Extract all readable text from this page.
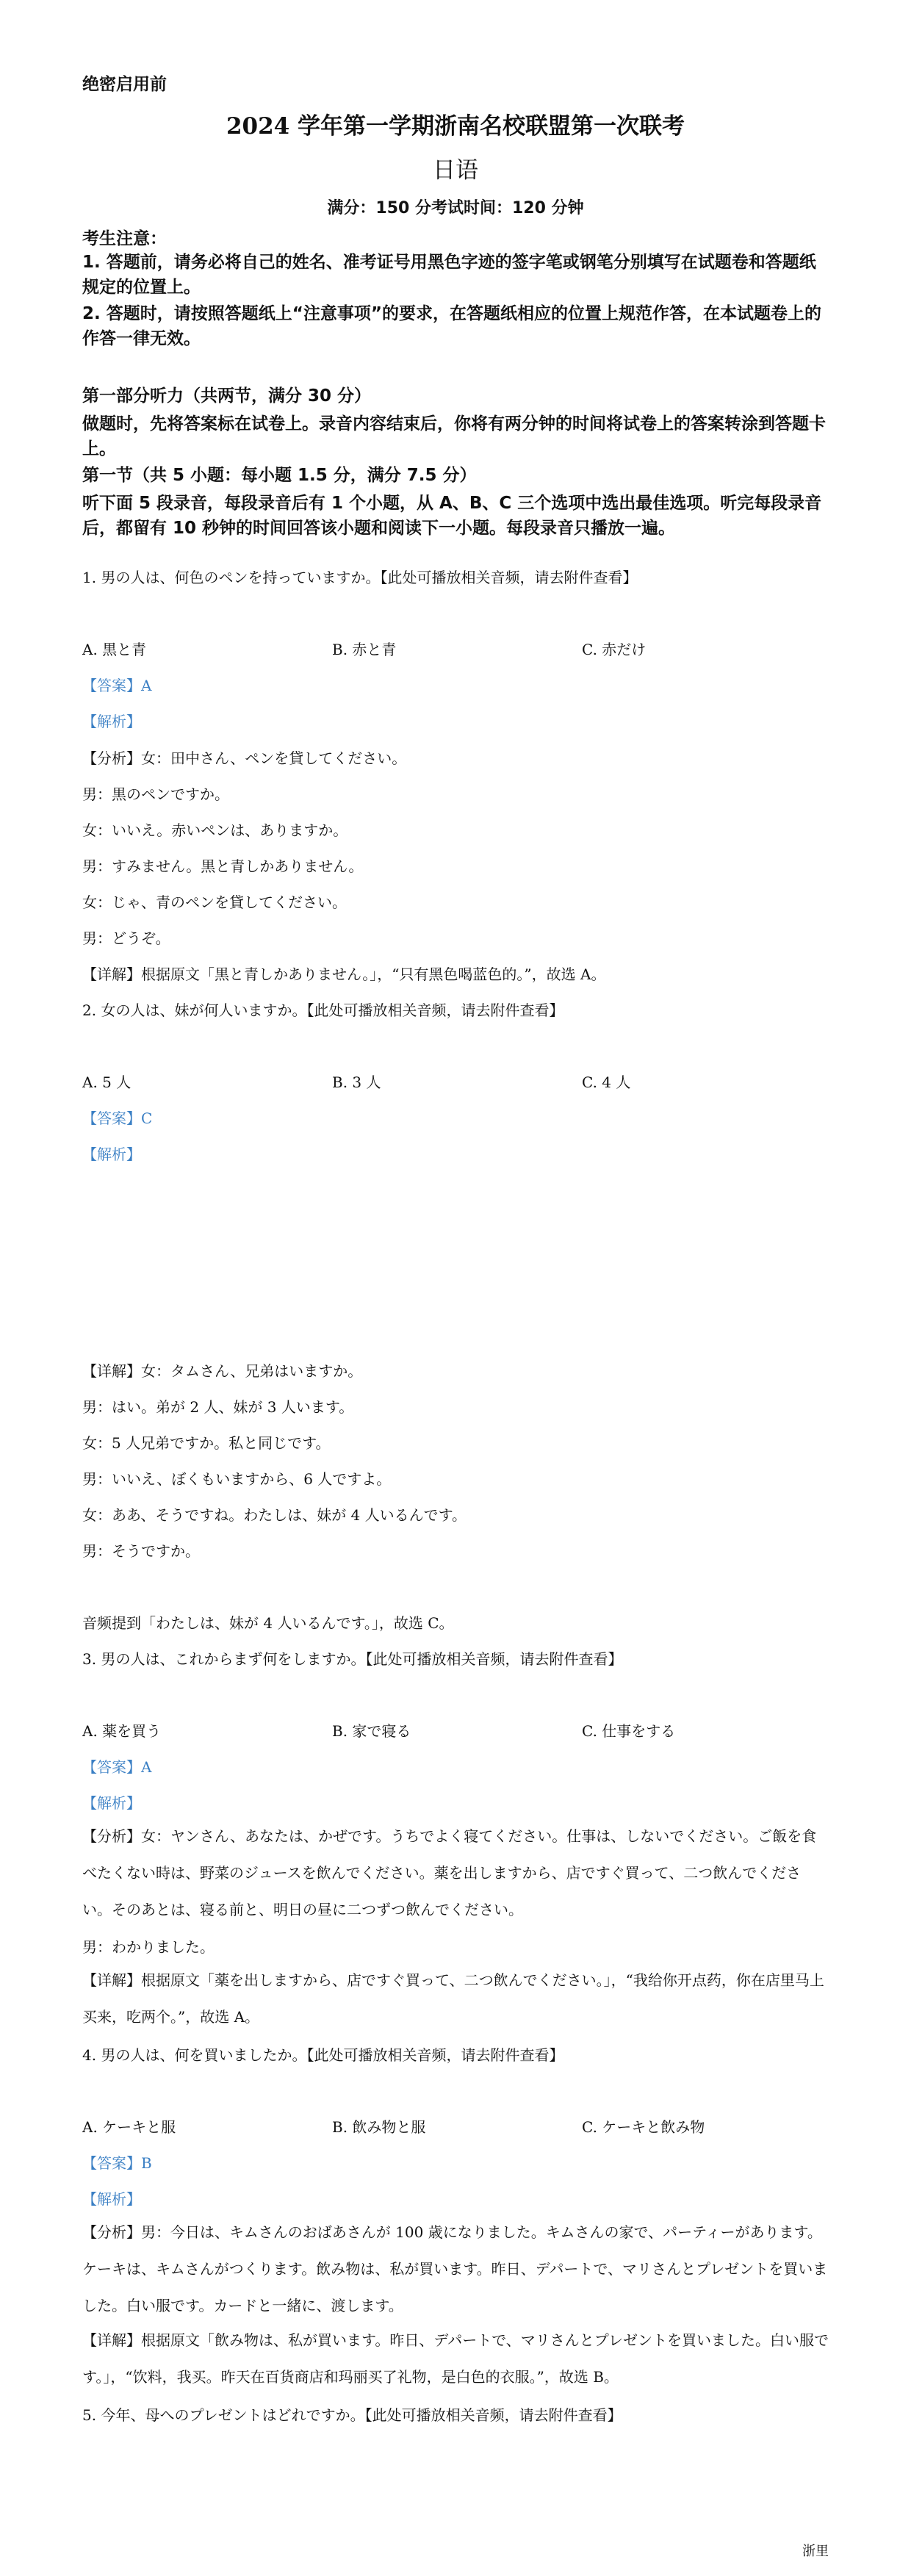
绝密启用前
2024 学年第一学期浙南名校联盟第一次联考
日语
满分：150 分考试时间：120 分钟
考生注意：
1. 答题前，请务必将自己的姓名、准考证号用黑色字迹的签字笔或钢笔分别填写在试题卷和答题纸规定的位置上。
2. 答题时，请按照答题纸上“注意事项”的要求，在答题纸相应的位置上规范作答，在本试题卷上的作答一律无效。
第一部分听力（共两节，满分 30 分）
做题时，先将答案标在试卷上。录音内容结束后，你将有两分钟的时间将试卷上的答案转涂到答题卡上。
第一节（共 5 小题：每小题 1.5 分，满分 7.5 分）
听下面 5 段录音，每段录音后有 1 个小题，从 A、B、C 三个选项中选出最佳选项。听完每段录音后，都留有 10 秒钟的时间回答该小题和阅读下一小题。每段录音只播放一遍。
1. 男の人は、何色のペンを持っていますか。【此处可播放相关音频，请去附件查看】
A. 黒と青	B. 赤と青	C. 赤だけ
【答案】A
【解析】
【分析】女：田中さん、ペンを貸してください。
男：黒のペンですか。
女：いいえ。赤いペンは、ありますか。
男：すみません。黒と青しかありません。
女：じゃ、青のペンを貸してください。
男：どうぞ。
【详解】根据原文「黒と青しかありません。」，“只有黑色喝蓝色的。”，故选 A。
2. 女の人は、妹が何人いますか。【此处可播放相关音频，请去附件查看】
A. 5 人	B. 3 人	C. 4 人
【答案】C
【解析】
【详解】女：タムさん、兄弟はいますか。
男：はい。弟が 2 人、妹が 3 人います。
女：5 人兄弟ですか。私と同じです。
男：いいえ、ぼくもいますから、6 人ですよ。
女：ああ、そうですね。わたしは、妹が 4 人いるんです。
男：そうですか。
音频提到「わたしは、妹が 4 人いるんです。」，故选 C。
3. 男の人は、これからまず何をしますか。【此处可播放相关音频，请去附件查看】
A. 薬を買う	B. 家で寝る	C. 仕事をする
【答案】A
【解析】
【分析】女：ヤンさん、あなたは、かぜです。うちでよく寝てください。仕事は、しないでください。ご飯を食べたくない時は、野菜のジュースを飲んでください。薬を出しますから、店ですぐ買って、二つ飲んでください。そのあとは、寝る前と、明日の昼に二つずつ飲んでください。
男：わかりました。
【详解】根据原文「薬を出しますから、店ですぐ買って、二つ飲んでください。」，“我给你开点药，你在店里马上买来，吃两个。”，故选 A。
4. 男の人は、何を買いましたか。【此处可播放相关音频，请去附件查看】
A. ケーキと服	B. 飲み物と服	C. ケーキと飲み物
【答案】B
【解析】
【分析】男：今日は、キムさんのおばあさんが 100 歳になりました。キムさんの家で、パーティーがあります。ケーキは、キムさんがつくります。飲み物は、私が買います。昨日、デパートで、マリさんとプレゼントを買いました。白い服です。カードと一緒に、渡します。
【详解】根据原文「飲み物は、私が買います。昨日、デパートで、マリさんとプレゼントを買いました。白い服です。」，“饮料，我买。昨天在百货商店和玛丽买了礼物，是白色的衣服。”，故选 B。
5. 今年、母へのプレゼントはどれですか。【此处可播放相关音频，请去附件查看】
浙里
